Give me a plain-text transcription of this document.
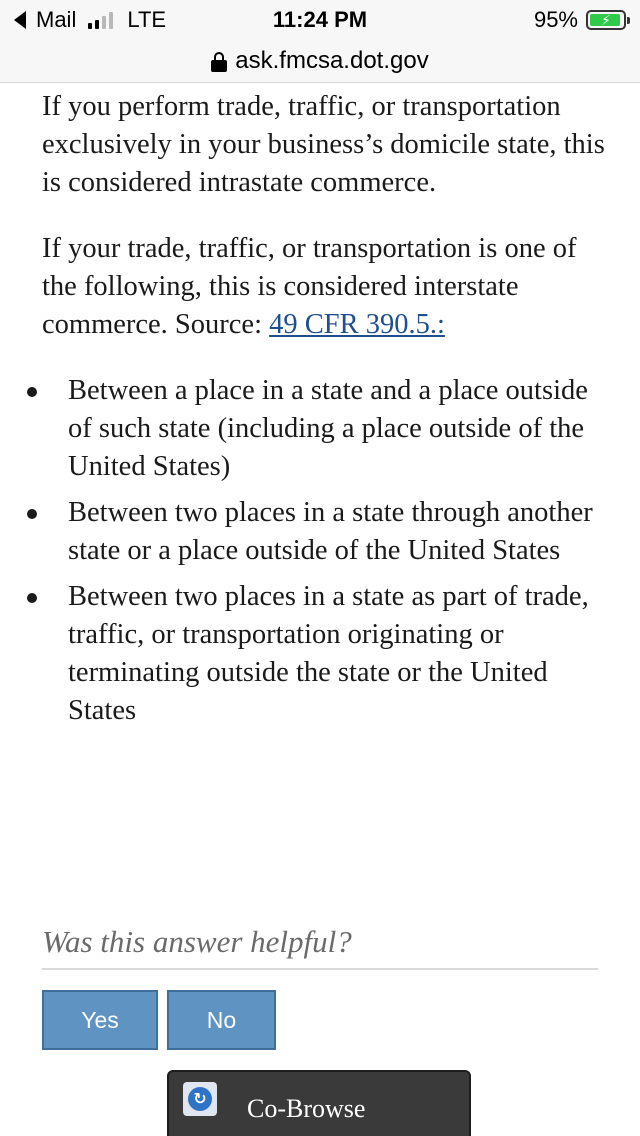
Mail LTE	11:24 PM	95%	⚡
ask.fmcsa.dot.gov

If you perform trade, traffic, or transportation exclusively in your business’s domicile state, this is considered intrastate commerce.

If your trade, traffic, or transportation is one of the following, this is considered interstate commerce. Source: 49 CFR 390.5.:

Between a place in a state and a place outside of such state (including a place outside of the United States)
Between two places in a state through another state or a place outside of the United States
Between two places in a state as part of trade, traffic, or transportation originating or terminating outside the state or the United States
Was this answer helpful?
Yes	No
↻ Co-Browse
